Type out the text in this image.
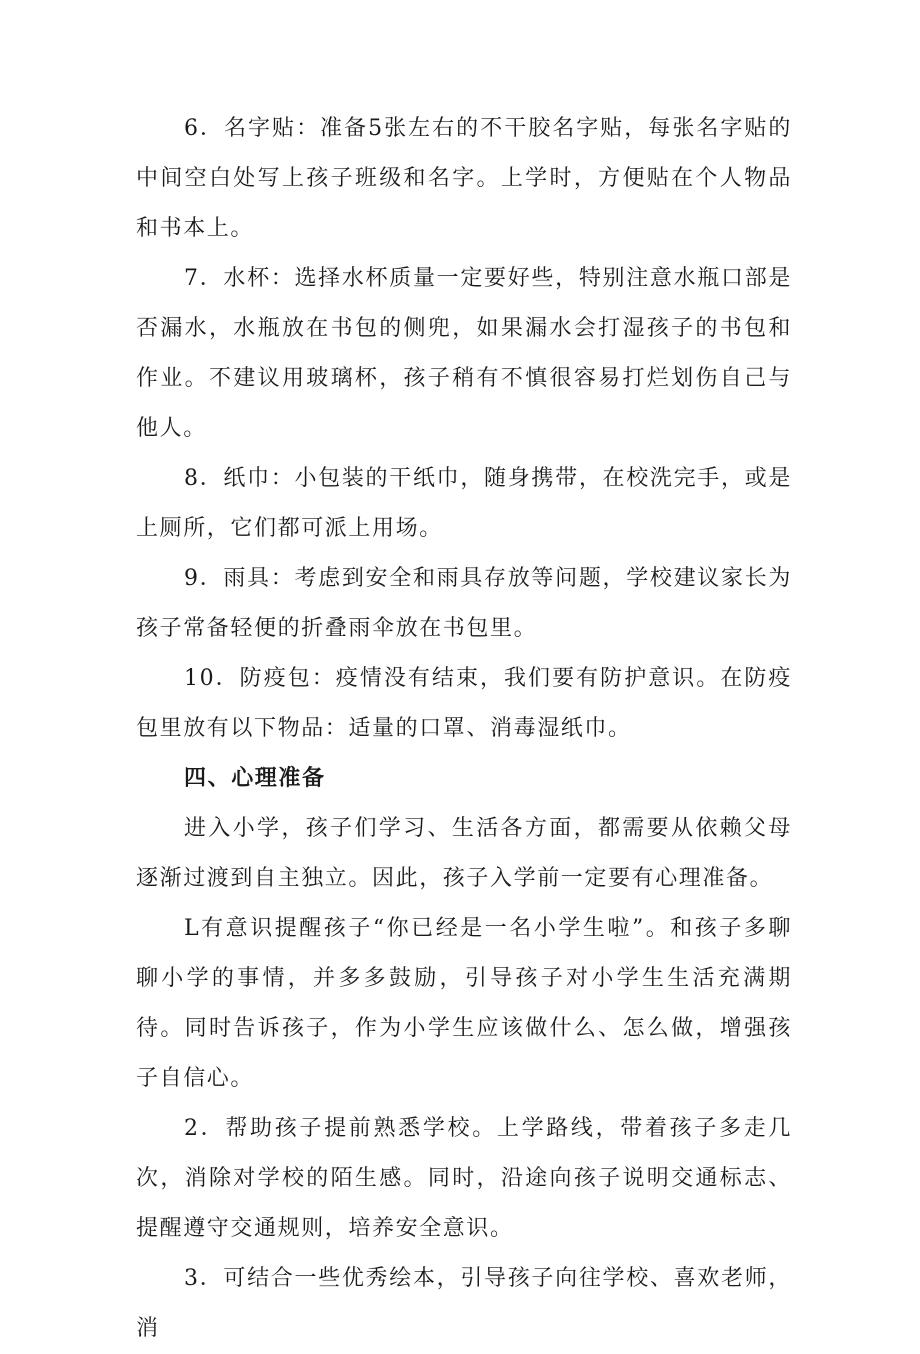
6．名字贴：准备5张左右的不干胶名字贴，每张名字贴的中间空白处写上孩子班级和名字。上学时，方便贴在个人物品和书本上。

7．水杯：选择水杯质量一定要好些，特别注意水瓶口部是否漏水，水瓶放在书包的侧兜，如果漏水会打湿孩子的书包和作业。不建议用玻璃杯，孩子稍有不慎很容易打烂划伤自己与他人。

8．纸巾：小包装的干纸巾，随身携带，在校洗完手，或是上厕所，它们都可派上用场。

9．雨具：考虑到安全和雨具存放等问题，学校建议家长为孩子常备轻便的折叠雨伞放在书包里。

10．防疫包：疫情没有结束，我们要有防护意识。在防疫包里放有以下物品：适量的口罩、消毒湿纸巾。

四、心理准备

进入小学，孩子们学习、生活各方面，都需要从依赖父母逐渐过渡到自主独立。因此，孩子入学前一定要有心理准备。

L有意识提醒孩子“你已经是一名小学生啦”。和孩子多聊聊小学的事情，并多多鼓励，引导孩子对小学生生活充满期待。同时告诉孩子，作为小学生应该做什么、怎么做，增强孩子自信心。

2．帮助孩子提前熟悉学校。上学路线，带着孩子多走几次，消除对学校的陌生感。同时，沿途向孩子说明交通标志、提醒遵守交通规则，培养安全意识。

3．可结合一些优秀绘本，引导孩子向往学校、喜欢老师，消
